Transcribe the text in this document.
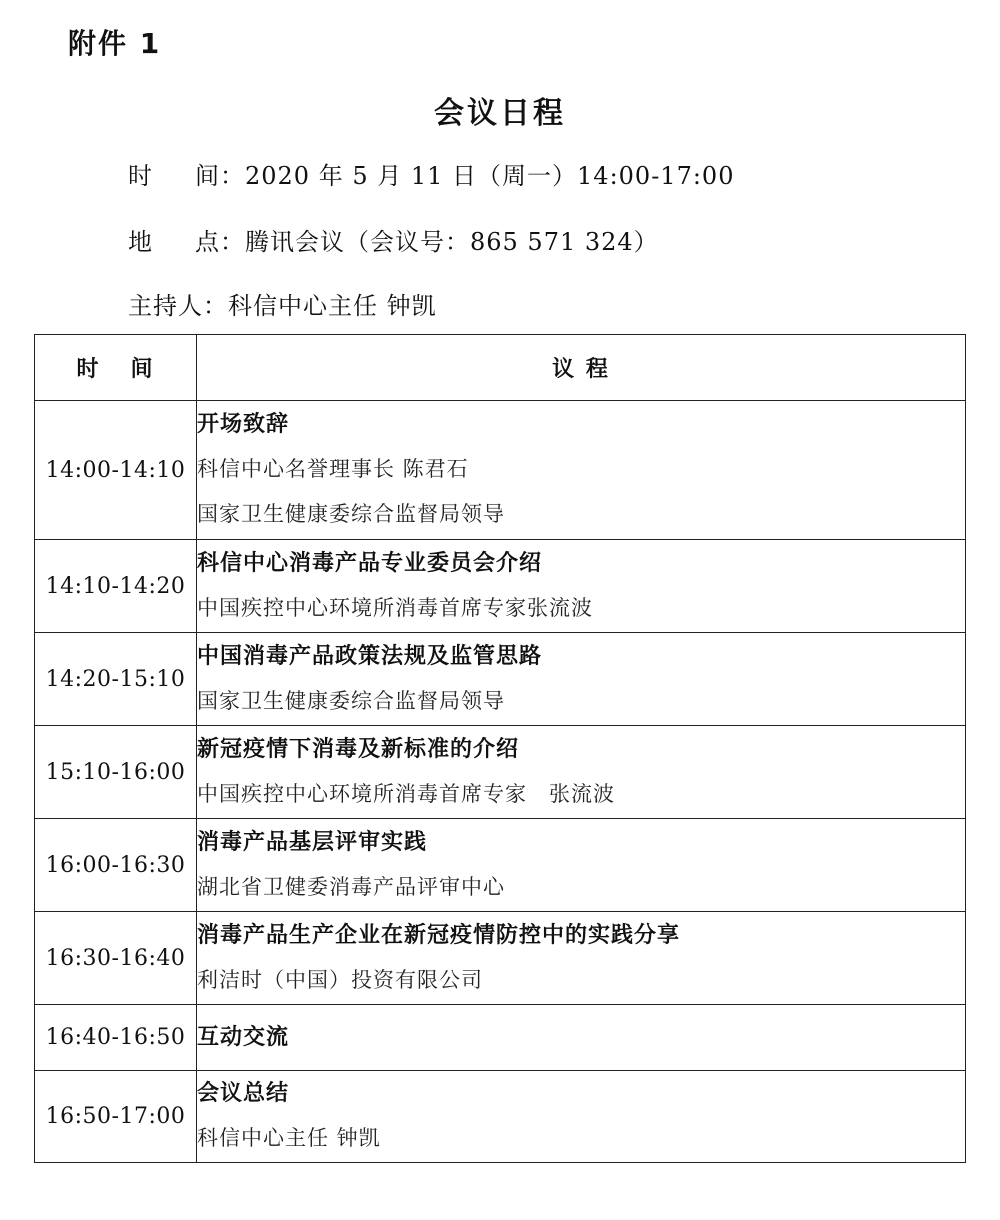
附件 1
会议日程
时 间：2020 年 5 月 11 日（周一）14:00-17:00
地 点：腾讯会议（会议号：865 571 324）
主持人：科信中心主任 钟凯
时 间	议 程
14:00-14:10	开场致辞
科信中心名誉理事长 陈君石
国家卫生健康委综合监督局领导

14:10-14:20	科信中心消毒产品专业委员会介绍
中国疾控中心环境所消毒首席专家张流波

14:20-15:10	中国消毒产品政策法规及监管思路
国家卫生健康委综合监督局领导

15:10-16:00	新冠疫情下消毒及新标准的介绍
中国疾控中心环境所消毒首席专家　张流波

16:00-16:30	消毒产品基层评审实践
湖北省卫健委消毒产品评审中心

16:30-16:40	消毒产品生产企业在新冠疫情防控中的实践分享
利洁时（中国）投资有限公司

16:40-16:50	互动交流

16:50-17:00	会议总结
科信中心主任 钟凯
